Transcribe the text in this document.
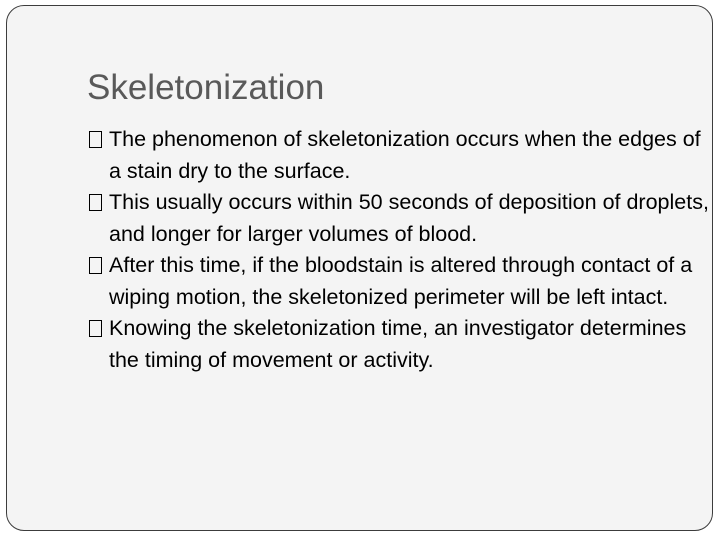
Skeletonization
The phenomenon of skeletonization occurs when the edges of a stain dry to the surface.
This usually occurs within 50 seconds of deposition of droplets, and longer for larger volumes of blood.
After this time, if the bloodstain is altered through contact of a wiping motion, the skeletonized perimeter will be left intact.
Knowing the skeletonization time, an investigator determines the timing of movement or activity.
